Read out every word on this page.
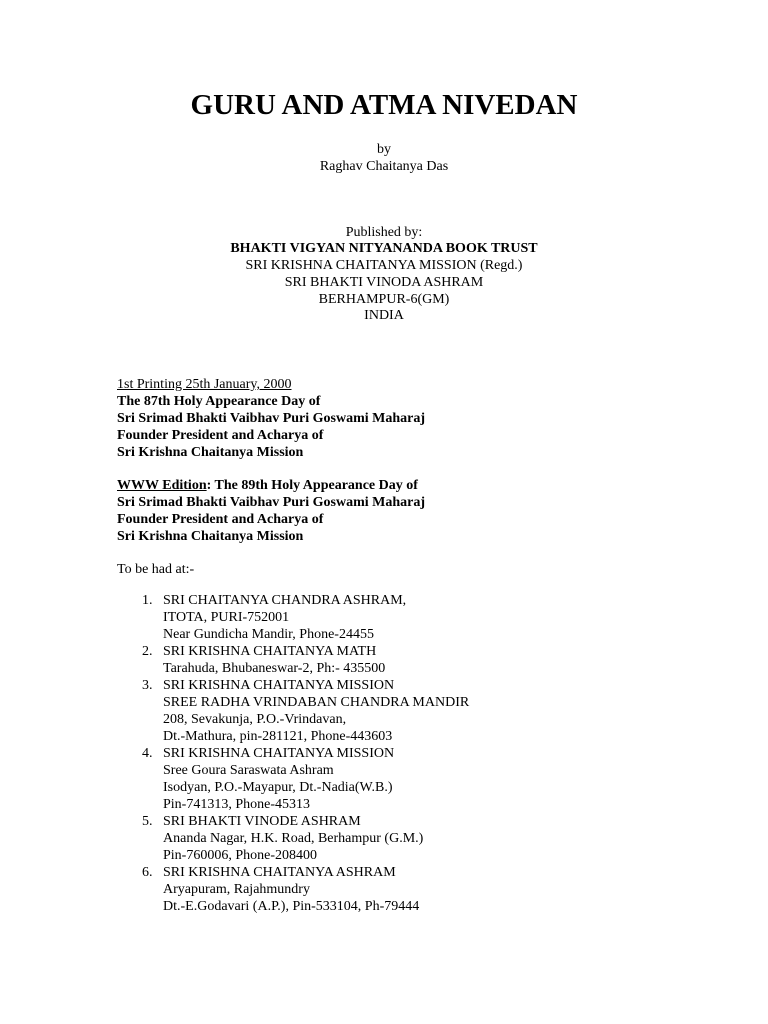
GURU AND ATMA NIVEDAN
by
Raghav Chaitanya Das
Published by:
BHAKTI VIGYAN NITYANANDA BOOK TRUST
SRI KRISHNA CHAITANYA MISSION (Regd.)
SRI BHAKTI VINODA ASHRAM
BERHAMPUR-6(GM)
INDIA
1st Printing 25th January, 2000
The 87th Holy Appearance Day of
Sri Srimad Bhakti Vaibhav Puri Goswami Maharaj
Founder President and Acharya of
Sri Krishna Chaitanya Mission
WWW Edition: The 89th Holy Appearance Day of
Sri Srimad Bhakti Vaibhav Puri Goswami Maharaj
Founder President and Acharya of
Sri Krishna Chaitanya Mission
To be had at:-
1. SRI CHAITANYA CHANDRA ASHRAM,
ITOTA, PURI-752001
Near Gundicha Mandir, Phone-24455
2. SRI KRISHNA CHAITANYA MATH
Tarahuda, Bhubaneswar-2, Ph:- 435500
3. SRI KRISHNA CHAITANYA MISSION
SREE RADHA VRINDABAN CHANDRA MANDIR
208, Sevakunja, P.O.-Vrindavan,
Dt.-Mathura, pin-281121, Phone-443603
4. SRI KRISHNA CHAITANYA MISSION
Sree Goura Saraswata Ashram
Isodyan, P.O.-Mayapur, Dt.-Nadia(W.B.)
Pin-741313, Phone-45313
5. SRI BHAKTI VINODE ASHRAM
Ananda Nagar, H.K. Road, Berhampur (G.M.)
Pin-760006, Phone-208400
6. SRI KRISHNA CHAITANYA ASHRAM
Aryapuram, Rajahmundry
Dt.-E.Godavari (A.P.), Pin-533104, Ph-79444
